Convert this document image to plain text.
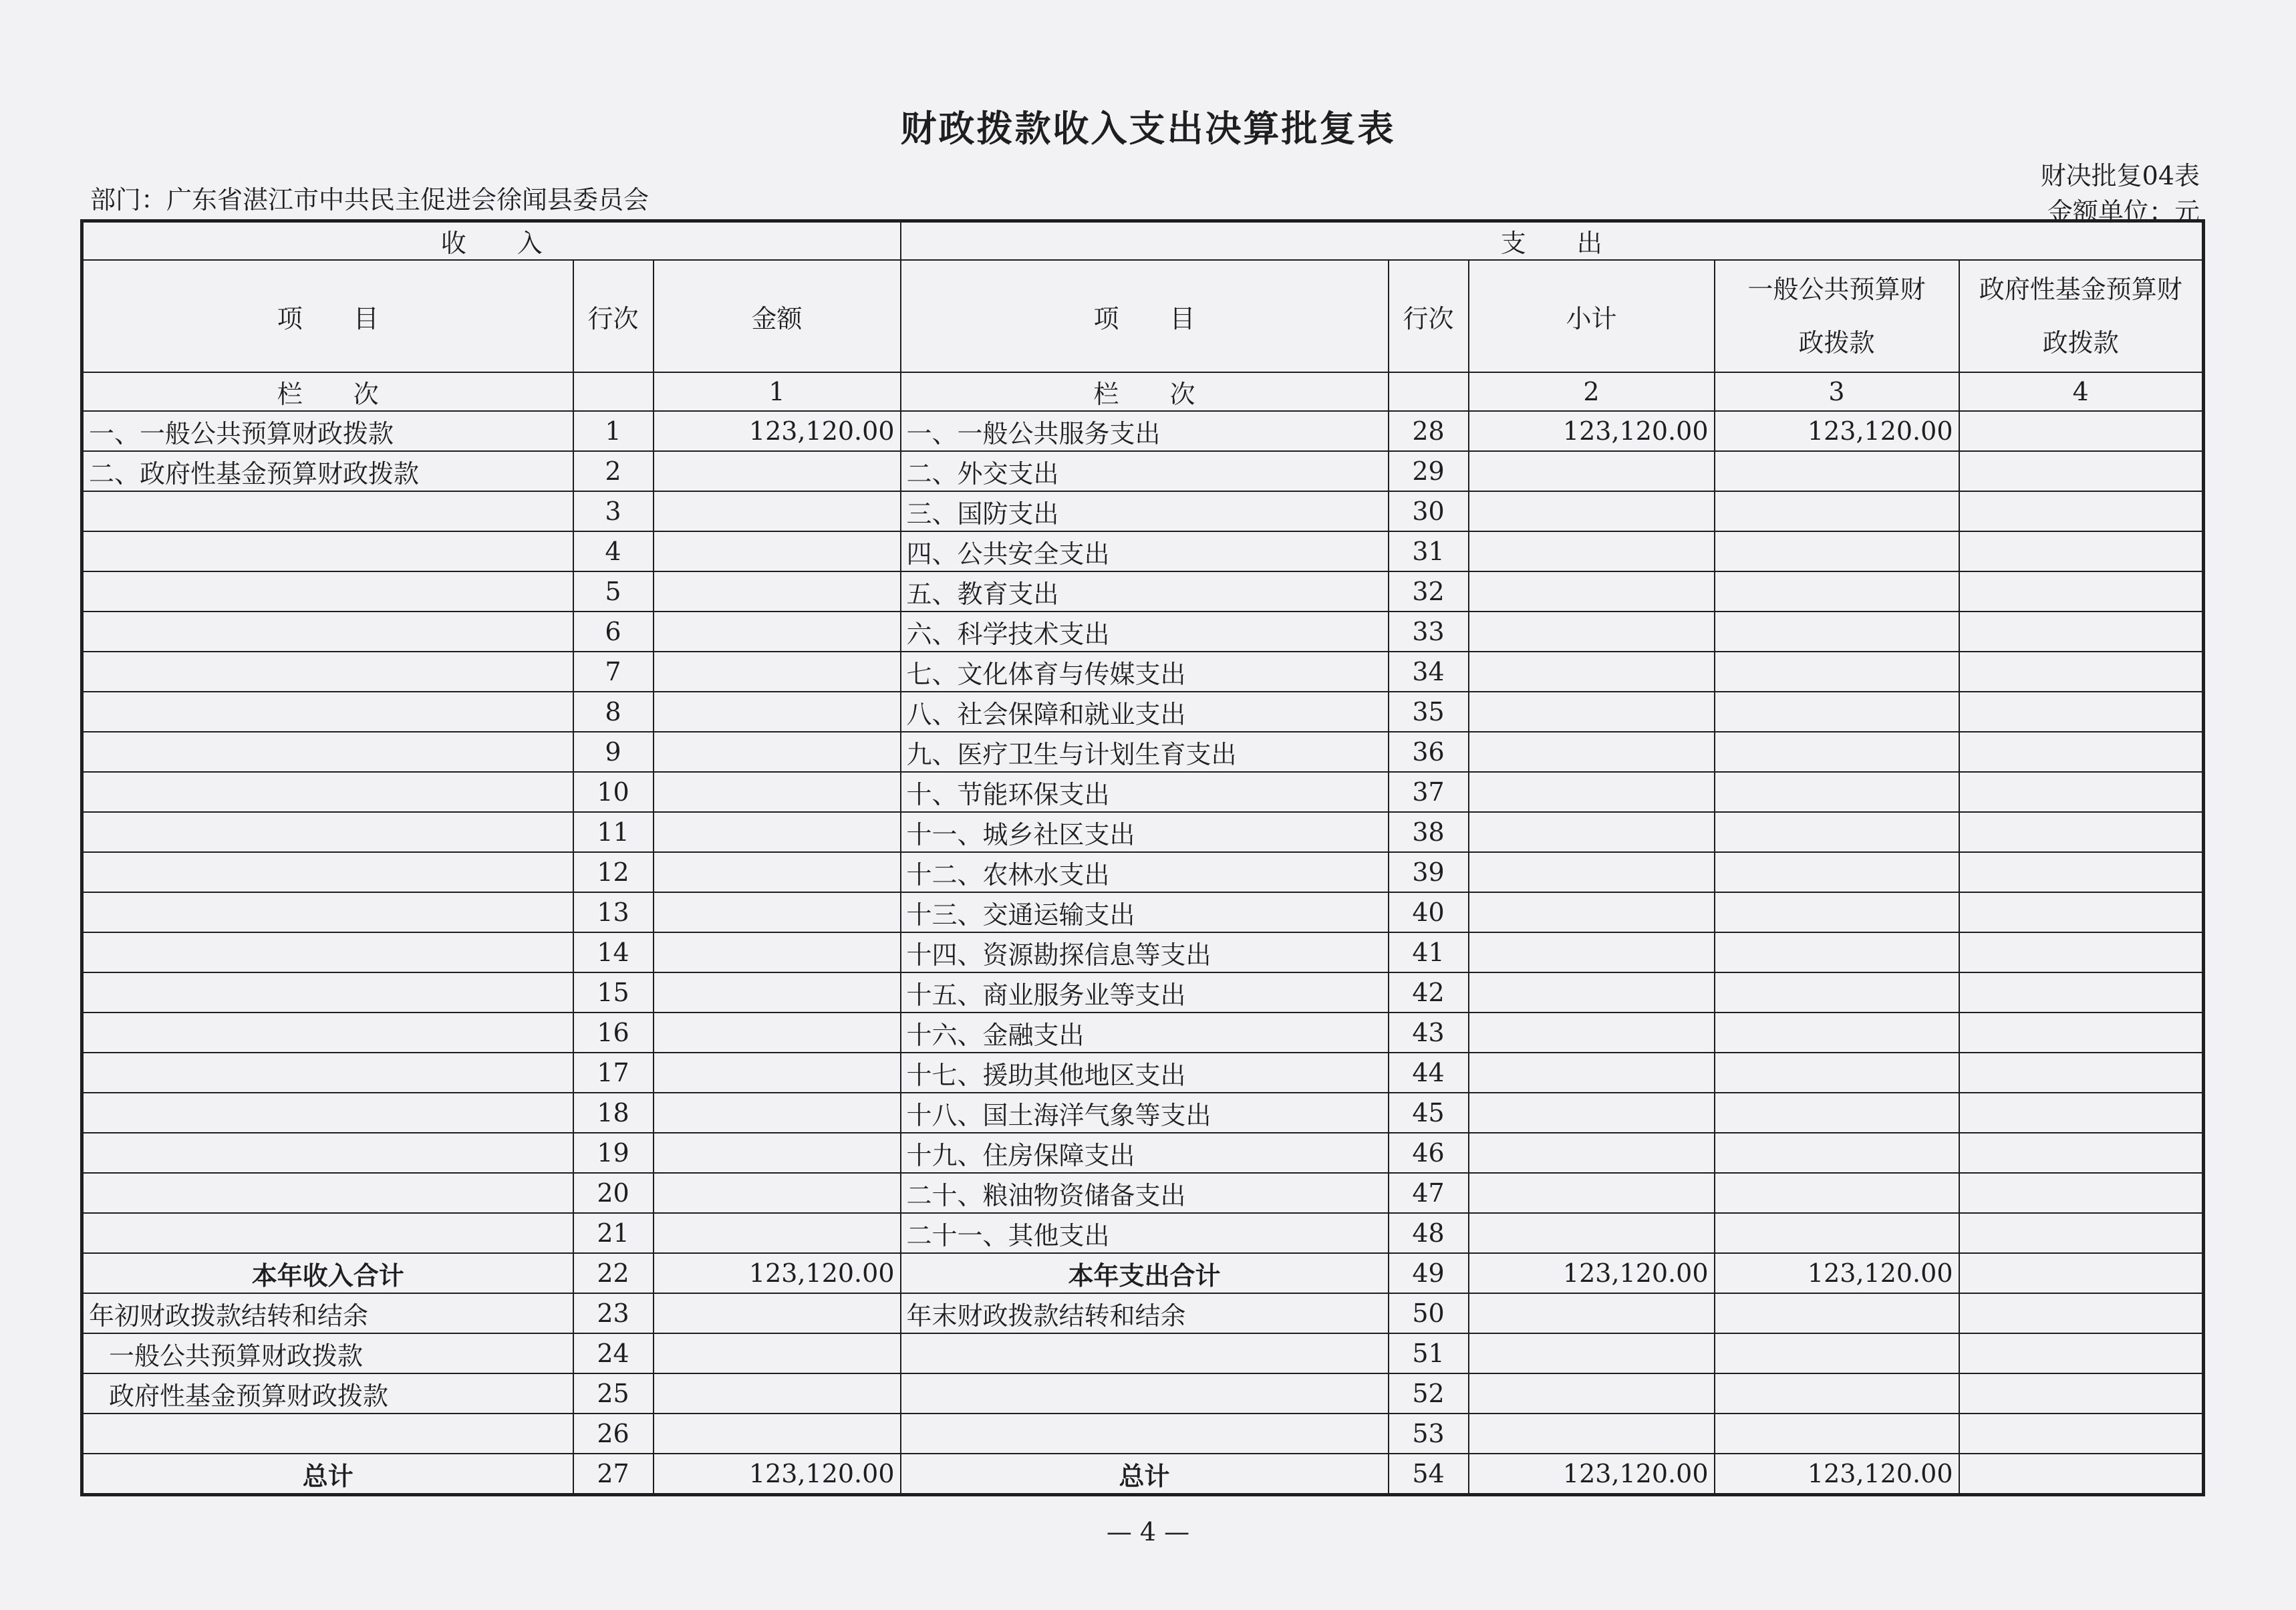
财政拨款收入支出决算批复表
部门：广东省湛江市中共民主促进会徐闻县委员会
财决批复04表
金额单位：元
收　　入			支　　出				
项　　目	行次	金额	项　　目	行次	小计	一般公共预算财政拨款	政府性基金预算财政拨款
栏　　次		1	栏　　次		2	3	4
一、一般公共预算财政拨款	1	123,120.00	一、一般公共服务支出	28	123,120.00	123,120.00	
二、政府性基金预算财政拨款	2		二、外交支出	29			
	3		三、国防支出	30			
	4		四、公共安全支出	31			
	5		五、教育支出	32			
	6		六、科学技术支出	33			
	7		七、文化体育与传媒支出	34			
	8		八、社会保障和就业支出	35			
	9		九、医疗卫生与计划生育支出	36			
	10		十、节能环保支出	37			
	11		十一、城乡社区支出	38			
	12		十二、农林水支出	39			
	13		十三、交通运输支出	40			
	14		十四、资源勘探信息等支出	41			
	15		十五、商业服务业等支出	42			
	16		十六、金融支出	43			
	17		十七、援助其他地区支出	44			
	18		十八、国土海洋气象等支出	45			
	19		十九、住房保障支出	46			
	20		二十、粮油物资储备支出	47			
	21		二十一、其他支出	48			
本年收入合计	22	123,120.00	本年支出合计	49	123,120.00	123,120.00	
年初财政拨款结转和结余	23		年末财政拨款结转和结余	50			
一般公共预算财政拨款	24			51			
政府性基金预算财政拨款	25			52			
	26			53			
总计	27	123,120.00	总计	54	123,120.00	123,120.00	
— 4 —
